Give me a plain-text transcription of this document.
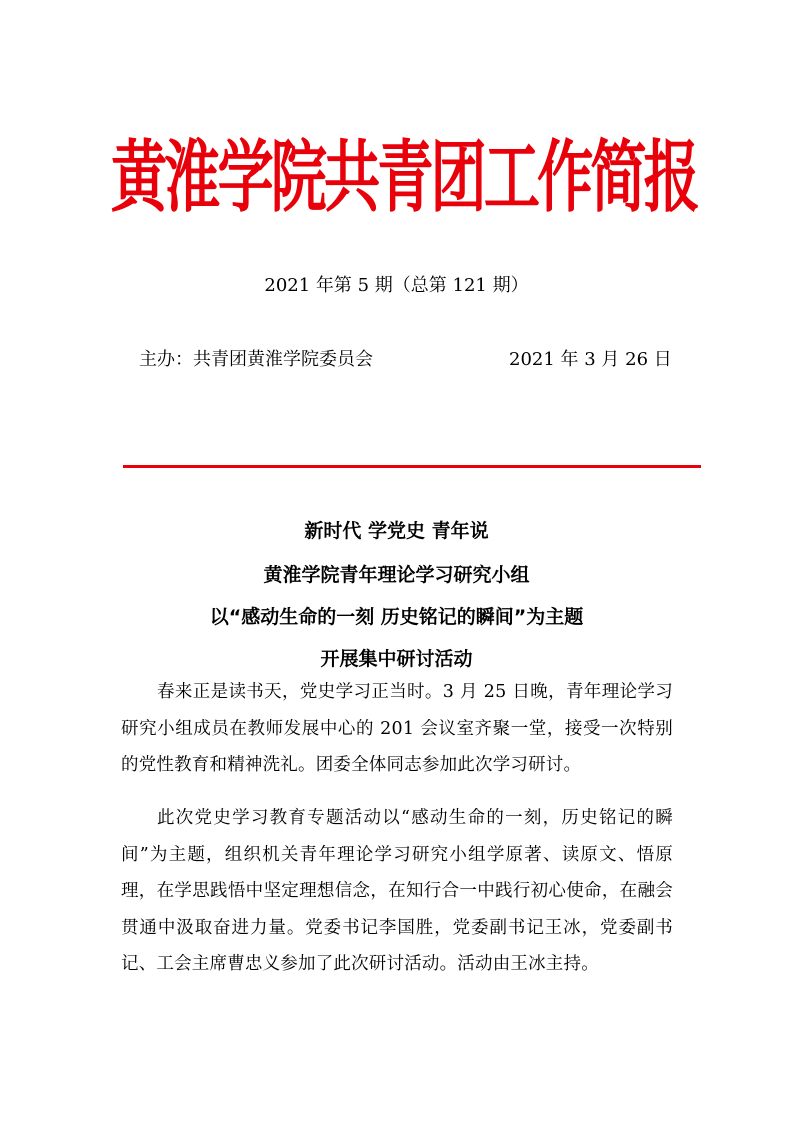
黄淮学院共青团工作简报
2021 年第 5 期（总第 121 期）
主办：共青团黄淮学院委员会	2021 年 3 月 26 日
新时代 学党史 青年说
黄淮学院青年理论学习研究小组
以“感动生命的一刻 历史铭记的瞬间”为主题
开展集中研讨活动
春来正是读书天，党史学习正当时。3 月 25 日晚，青年理论学习研究小组成员在教师发展中心的 201 会议室齐聚一堂，接受一次特别的党性教育和精神洗礼。团委全体同志参加此次学习研讨。
此次党史学习教育专题活动以“感动生命的一刻，历史铭记的瞬间”为主题，组织机关青年理论学习研究小组学原著、读原文、悟原理，在学思践悟中坚定理想信念，在知行合一中践行初心使命，在融会贯通中汲取奋进力量。党委书记李国胜，党委副书记王冰，党委副书记、工会主席曹忠义参加了此次研讨活动。活动由王冰主持。
